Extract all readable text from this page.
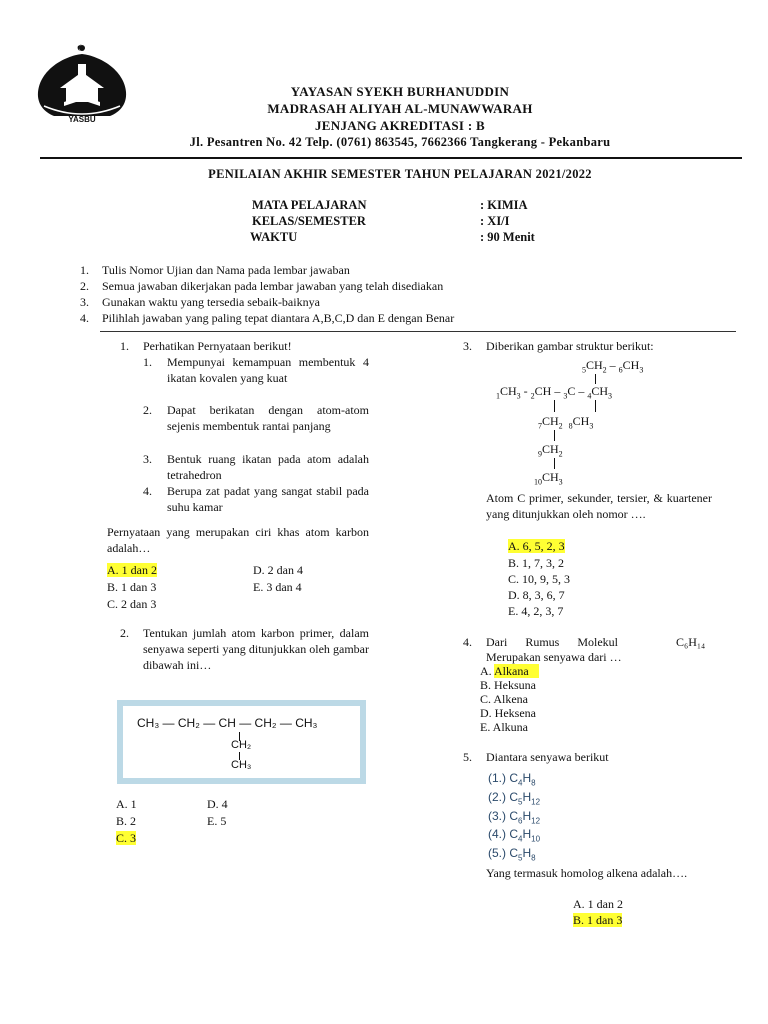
YASBU
YAYASAN SYEKH BURHANUDDIN
MADRASAH ALIYAH AL-MUNAWWARAH
JENJANG AKREDITASI : B
Jl. Pesantren No. 42 Telp. (0761) 863545, 7662366 Tangkerang - Pekanbaru
PENILAIAN AKHIR SEMESTER TAHUN PELAJARAN 2021/2022
MATA PELAJARAN	: KIMIA
KELAS/SEMESTER	: XI/I
WAKTU	: 90 Menit
1. Tulis Nomor Ujian dan Nama pada lembar jawaban
2. Semua jawaban dikerjakan pada lembar jawaban yang telah disediakan
3. Gunakan waktu yang tersedia sebaik-baiknya
4. Pilihlah jawaban yang paling tepat diantara A,B,C,D dan E dengan Benar
1. Perhatikan Pernyataan berikut!
1. Mempunyai kemampuan membentuk 4 ikatan kovalen yang kuat
2. Dapat berikatan dengan atom-atom sejenis membentuk rantai panjang
3. Bentuk ruang ikatan pada atom adalah tetrahedron
4. Berupa zat padat yang sangat stabil pada suhu kamar
Pernyataan yang merupakan ciri khas atom karbon adalah…
A. 1 dan 2
B. 1 dan 3
C. 2 dan 3
D. 2 dan 4
E. 3 dan 4
2. Tentukan jumlah atom karbon primer, dalam senyawa seperti yang ditunjukkan oleh gambar dibawah ini…
CH₃ — CH₂ — CH — CH₂ — CH₃
CH₂
CH₃
A. 1
B. 2
C. 3
D. 4
E. 5
3. Diberikan gambar struktur berikut:
$_5CH_2 - _6CH_3$
$_1CH_3 - _2CH - _3C - _4CH_3$
$_7CH_2$ $_8CH_3$
$_9CH_2$
$_{10}CH_3$
Atom C primer, sekunder, tersier, & kuartener yang ditunjukkan oleh nomor ….
A. 6, 5, 2, 3
B. 1, 7, 3, 2
C. 10, 9, 5, 3
D. 8, 3, 6, 7
E. 4, 2, 3, 7
4. Dari      Rumus      Molekul	C₆H₁₄
Merupakan senyawa dari …
A. Alkana
B. Heksuna
C. Alkena
D. Heksena
E. Alkuna
5. Diantara senyawa berikut
(1.) $C_4H_8$
(2.) $C_5H_{12}$
(3.) $C_6H_{12}$
(4.) $C_4H_{10}$
(5.) $C_5H_8$
Yang termasuk homolog alkena adalah….
A. 1 dan 2
B. 1 dan 3
